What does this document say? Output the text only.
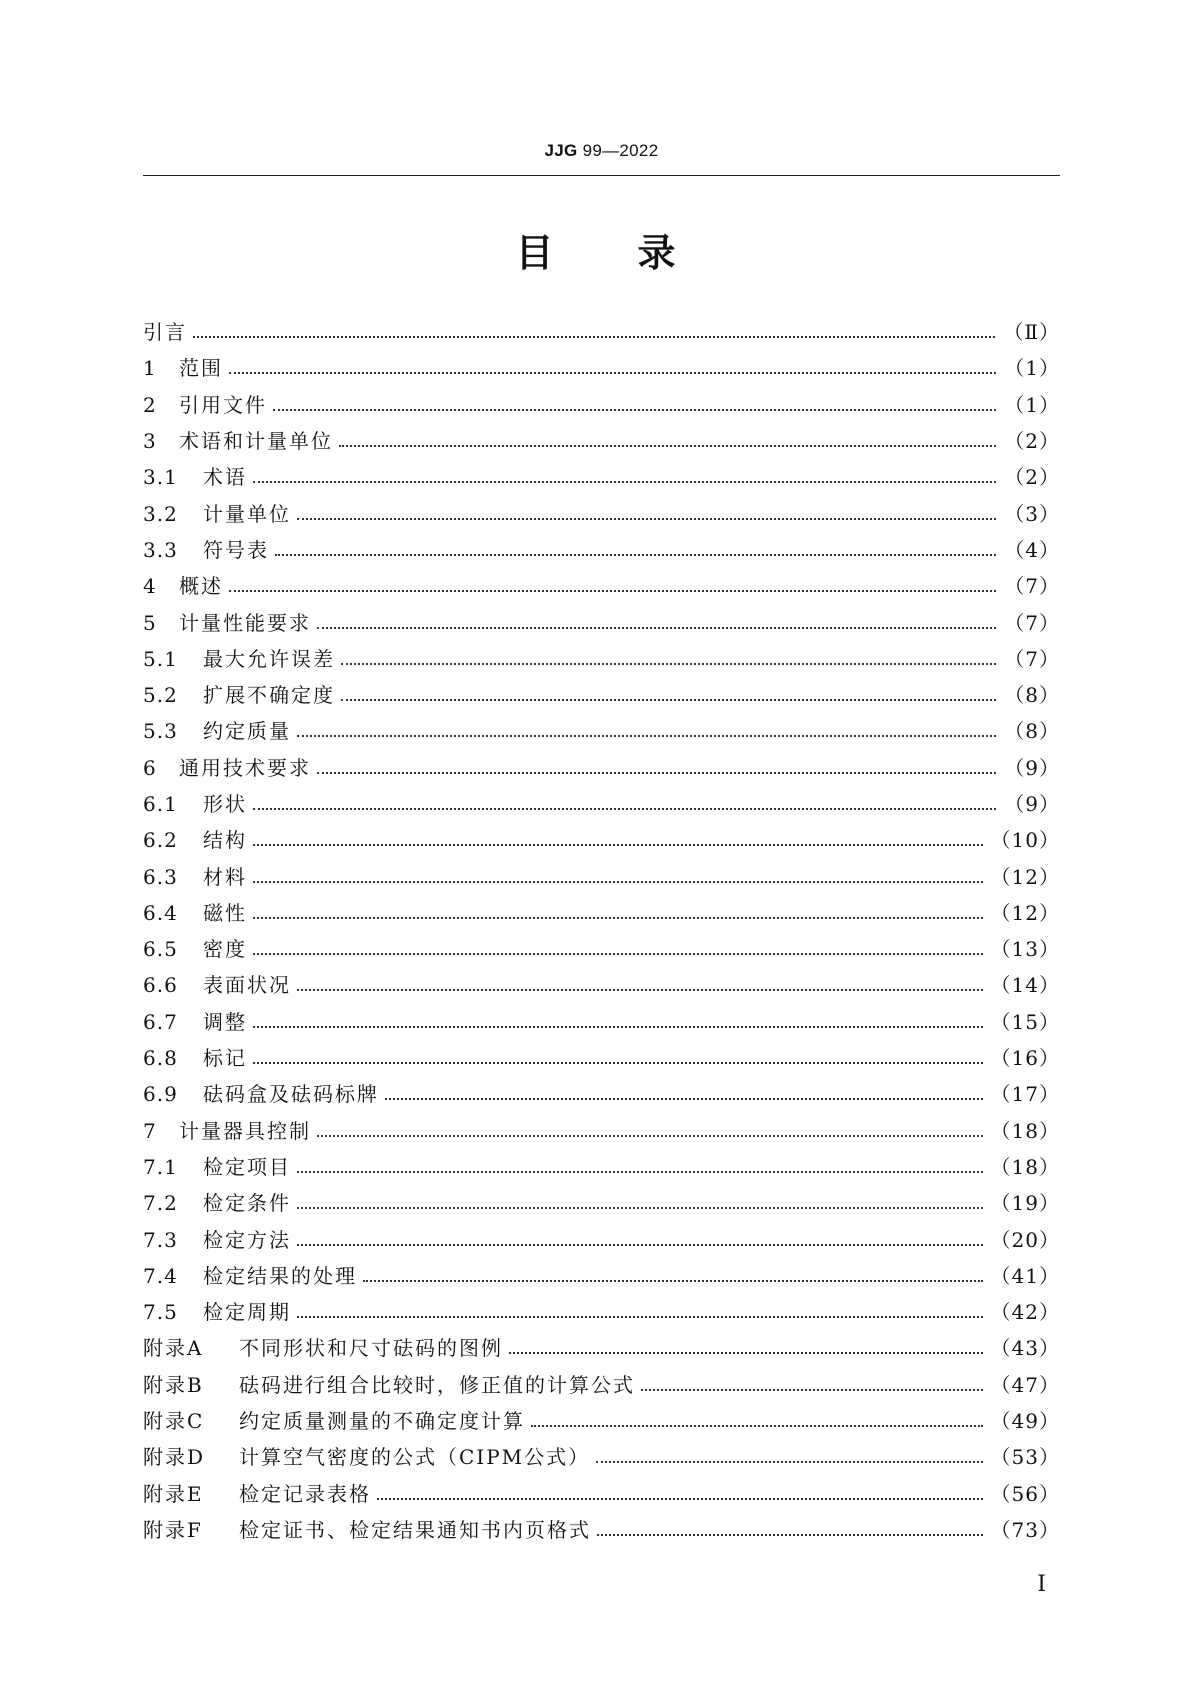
JJG 99—2022
目录
引言	（Ⅱ）
1	范围	（1）
2	引用文件	（1）
3	术语和计量单位	（2）
3.1	术语	（2）
3.2	计量单位	（3）
3.3	符号表	（4）
4	概述	（7）
5	计量性能要求	（7）
5.1	最大允许误差	（7）
5.2	扩展不确定度	（8）
5.3	约定质量	（8）
6	通用技术要求	（9）
6.1	形状	（9）
6.2	结构	（10）
6.3	材料	（12）
6.4	磁性	（12）
6.5	密度	（13）
6.6	表面状况	（14）
6.7	调整	（15）
6.8	标记	（16）
6.9	砝码盒及砝码标牌	（17）
7	计量器具控制	（18）
7.1	检定项目	（18）
7.2	检定条件	（19）
7.3	检定方法	（20）
7.4	检定结果的处理	（41）
7.5	检定周期	（42）
附录A	不同形状和尺寸砝码的图例	（43）
附录B	砝码进行组合比较时，修正值的计算公式	（47）
附录C	约定质量测量的不确定度计算	（49）
附录D	计算空气密度的公式（CIPM公式）	（53）
附录E	检定记录表格	（56）
附录F	检定证书、检定结果通知书内页格式	（73）
Ⅰ
